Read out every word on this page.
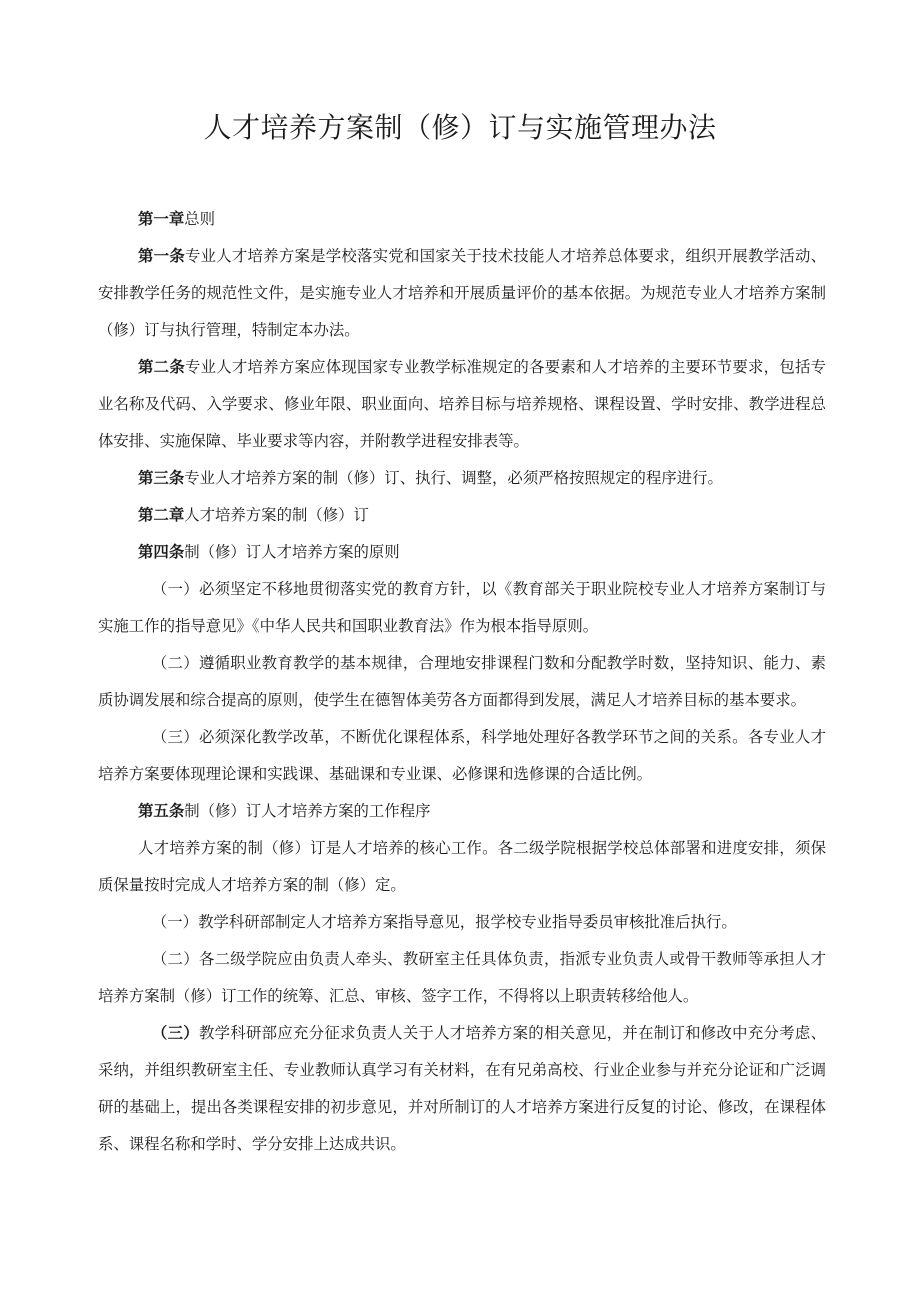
人才培养方案制（修）订与实施管理办法

第一章总则

第一条专业人才培养方案是学校落实党和国家关于技术技能人才培养总体要求，组织开展教学活动、安排教学任务的规范性文件，是实施专业人才培养和开展质量评价的基本依据。为规范专业人才培养方案制（修）订与执行管理，特制定本办法。

第二条专业人才培养方案应体现国家专业教学标准规定的各要素和人才培养的主要环节要求，包括专业名称及代码、入学要求、修业年限、职业面向、培养目标与培养规格、课程设置、学时安排、教学进程总体安排、实施保障、毕业要求等内容，并附教学进程安排表等。

第三条专业人才培养方案的制（修）订、执行、调整，必须严格按照规定的程序进行。

第二章人才培养方案的制（修）订

第四条制（修）订人才培养方案的原则

（一）必须坚定不移地贯彻落实党的教育方针，以《教育部关于职业院校专业人才培养方案制订与实施工作的指导意见》《中华人民共和国职业教育法》作为根本指导原则。

（二）遵循职业教育教学的基本规律，合理地安排课程门数和分配教学时数，坚持知识、能力、素质协调发展和综合提高的原则，使学生在德智体美劳各方面都得到发展，满足人才培养目标的基本要求。

（三）必须深化教学改革，不断优化课程体系，科学地处理好各教学环节之间的关系。各专业人才培养方案要体现理论课和实践课、基础课和专业课、必修课和选修课的合适比例。

第五条制（修）订人才培养方案的工作程序

人才培养方案的制（修）订是人才培养的核心工作。各二级学院根据学校总体部署和进度安排，须保质保量按时完成人才培养方案的制（修）定。

（一）教学科研部制定人才培养方案指导意见，报学校专业指导委员审核批准后执行。

（二）各二级学院应由负责人牵头、教研室主任具体负责，指派专业负责人或骨干教师等承担人才培养方案制（修）订工作的统筹、汇总、审核、签字工作，不得将以上职责转移给他人。

（三）教学科研部应充分征求负责人关于人才培养方案的相关意见，并在制订和修改中充分考虑、采纳，并组织教研室主任、专业教师认真学习有关材料，在有兄弟高校、行业企业参与并充分论证和广泛调研的基础上，提出各类课程安排的初步意见，并对所制订的人才培养方案进行反复的讨论、修改，在课程体系、课程名称和学时、学分安排上达成共识。
